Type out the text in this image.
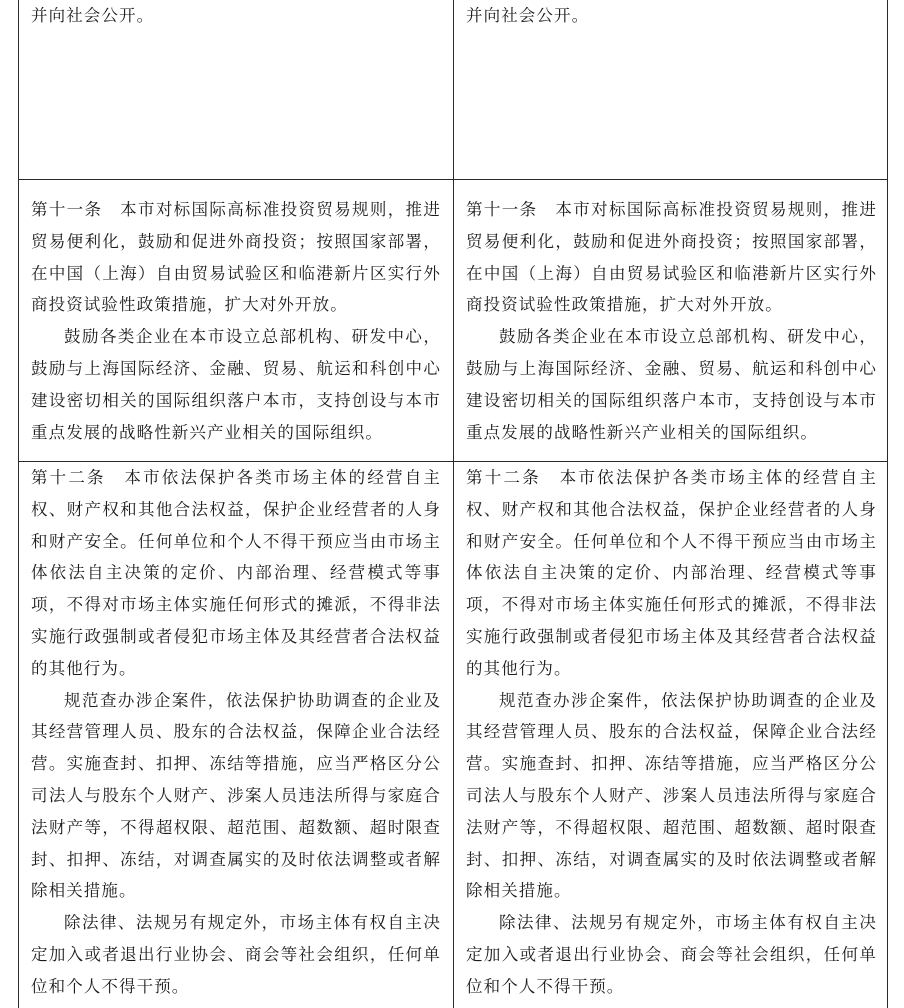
并向社会公开。	并向社会公开。

第十一条　本市对标国际高标准投资贸易规则，推进贸易便利化，鼓励和促进外商投资；按照国家部署，在中国（上海）自由贸易试验区和临港新片区实行外商投资试验性政策措施，扩大对外开放。

鼓励各类企业在本市设立总部机构、研发中心，鼓励与上海国际经济、金融、贸易、航运和科创中心建设密切相关的国际组织落户本市，支持创设与本市重点发展的战略性新兴产业相关的国际组织。

第十一条　本市对标国际高标准投资贸易规则，推进贸易便利化，鼓励和促进外商投资；按照国家部署，在中国（上海）自由贸易试验区和临港新片区实行外商投资试验性政策措施，扩大对外开放。

鼓励各类企业在本市设立总部机构、研发中心，鼓励与上海国际经济、金融、贸易、航运和科创中心建设密切相关的国际组织落户本市，支持创设与本市重点发展的战略性新兴产业相关的国际组织。

第十二条　本市依法保护各类市场主体的经营自主权、财产权和其他合法权益，保护企业经营者的人身和财产安全。任何单位和个人不得干预应当由市场主体依法自主决策的定价、内部治理、经营模式等事项，不得对市场主体实施任何形式的摊派，不得非法实施行政强制或者侵犯市场主体及其经营者合法权益的其他行为。

规范查办涉企案件，依法保护协助调查的企业及其经营管理人员、股东的合法权益，保障企业合法经营。实施查封、扣押、冻结等措施，应当严格区分公司法人与股东个人财产、涉案人员违法所得与家庭合法财产等，不得超权限、超范围、超数额、超时限查封、扣押、冻结，对调查属实的及时依法调整或者解除相关措施。

除法律、法规另有规定外，市场主体有权自主决定加入或者退出行业协会、商会等社会组织，任何单位和个人不得干预。

第十二条　本市依法保护各类市场主体的经营自主权、财产权和其他合法权益，保护企业经营者的人身和财产安全。任何单位和个人不得干预应当由市场主体依法自主决策的定价、内部治理、经营模式等事项，不得对市场主体实施任何形式的摊派，不得非法实施行政强制或者侵犯市场主体及其经营者合法权益的其他行为。

规范查办涉企案件，依法保护协助调查的企业及其经营管理人员、股东的合法权益，保障企业合法经营。实施查封、扣押、冻结等措施，应当严格区分公司法人与股东个人财产、涉案人员违法所得与家庭合法财产等，不得超权限、超范围、超数额、超时限查封、扣押、冻结，对调查属实的及时依法调整或者解除相关措施。

除法律、法规另有规定外，市场主体有权自主决定加入或者退出行业协会、商会等社会组织，任何单位和个人不得干预。
